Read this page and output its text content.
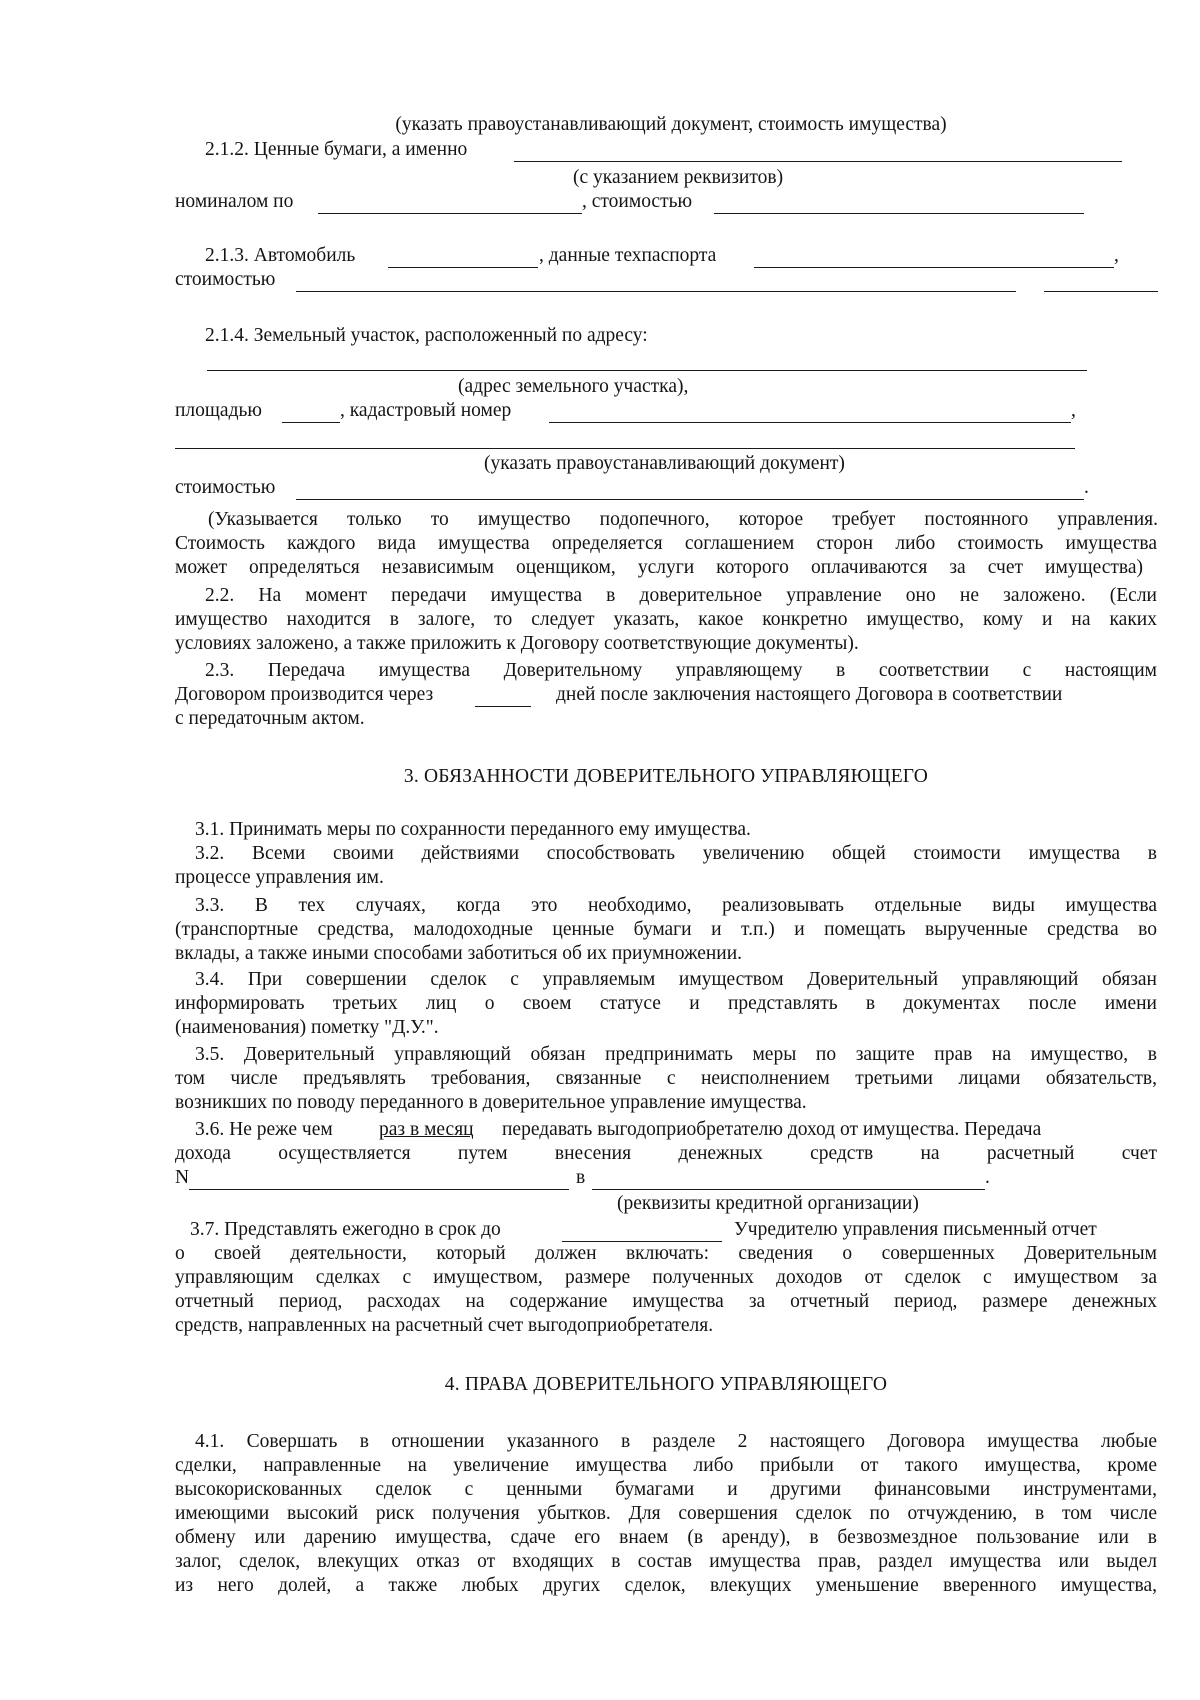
(указать правоустанавливающий документ, стоимость имущества)
2.1.2. Ценные бумаги, а именно
(с указанием реквизитов)
номиналом по	, стоимостью
2.1.3. Автомобиль	, данные техпаспорта	,
стоимостью
2.1.4. Земельный участок, расположенный по адресу:
(адрес земельного участка),
площадью	, кадастровый номер	,
(указать правоустанавливающий документ)
стоимостью	.
(Указывается только то имущество подопечного, которое требует постоянного управления.
Стоимость каждого вида имущества определяется соглашением сторон либо стоимость имущества
может определяться независимым оценщиком, услуги которого оплачиваются за счет имущества)
2.2. На момент передачи имущества в доверительное управление оно не заложено. (Если
имущество находится в залоге, то следует указать, какое конкретно имущество, кому и на каких
условиях заложено, а также приложить к Договору соответствующие документы).
2.3. Передача имущества Доверительному управляющему в соответствии с настоящим
Договором производится через	дней после заключения настоящего Договора в соответствии
с передаточным актом.
3. ОБЯЗАННОСТИ ДОВЕРИТЕЛЬНОГО УПРАВЛЯЮЩЕГО
3.1. Принимать меры по сохранности переданного ему имущества.
3.2. Всеми своими действиями способствовать увеличению общей стоимости имущества в
процессе управления им.
3.3. В тех случаях, когда это необходимо, реализовывать отдельные виды имущества
(транспортные средства, малодоходные ценные бумаги и т.п.) и помещать вырученные средства во
вклады, а также иными способами заботиться об их приумножении.
3.4. При совершении сделок с управляемым имуществом Доверительный управляющий обязан
информировать третьих лиц о своем статусе и представлять в документах после имени
(наименования) пометку "Д.У.".
3.5. Доверительный управляющий обязан предпринимать меры по защите прав на имущество, в
том числе предъявлять требования, связанные с неисполнением третьими лицами обязательств,
возникших по поводу переданного в доверительное управление имущества.
3.6. Не реже чем раз в месяц передавать выгодоприобретателю доход от имущества. Передача
дохода осуществляется путем внесения денежных средств на расчетный счет
N	в	.
(реквизиты кредитной организации)
3.7. Представлять ежегодно в срок до	Учредителю управления письменный отчет
о своей деятельности, который должен включать: сведения о совершенных Доверительным
управляющим сделках с имуществом, размере полученных доходов от сделок с имуществом за
отчетный период, расходах на содержание имущества за отчетный период, размере денежных
средств, направленных на расчетный счет выгодоприобретателя.
4. ПРАВА ДОВЕРИТЕЛЬНОГО УПРАВЛЯЮЩЕГО
4.1. Совершать в отношении указанного в разделе 2 настоящего Договора имущества любые
сделки, направленные на увеличение имущества либо прибыли от такого имущества, кроме
высокорискованных сделок с ценными бумагами и другими финансовыми инструментами,
имеющими высокий риск получения убытков. Для совершения сделок по отчуждению, в том числе
обмену или дарению имущества, сдаче его внаем (в аренду), в безвозмездное пользование или в
залог, сделок, влекущих отказ от входящих в состав имущества прав, раздел имущества или выдел
из него долей, а также любых других сделок, влекущих уменьшение вверенного имущества,
